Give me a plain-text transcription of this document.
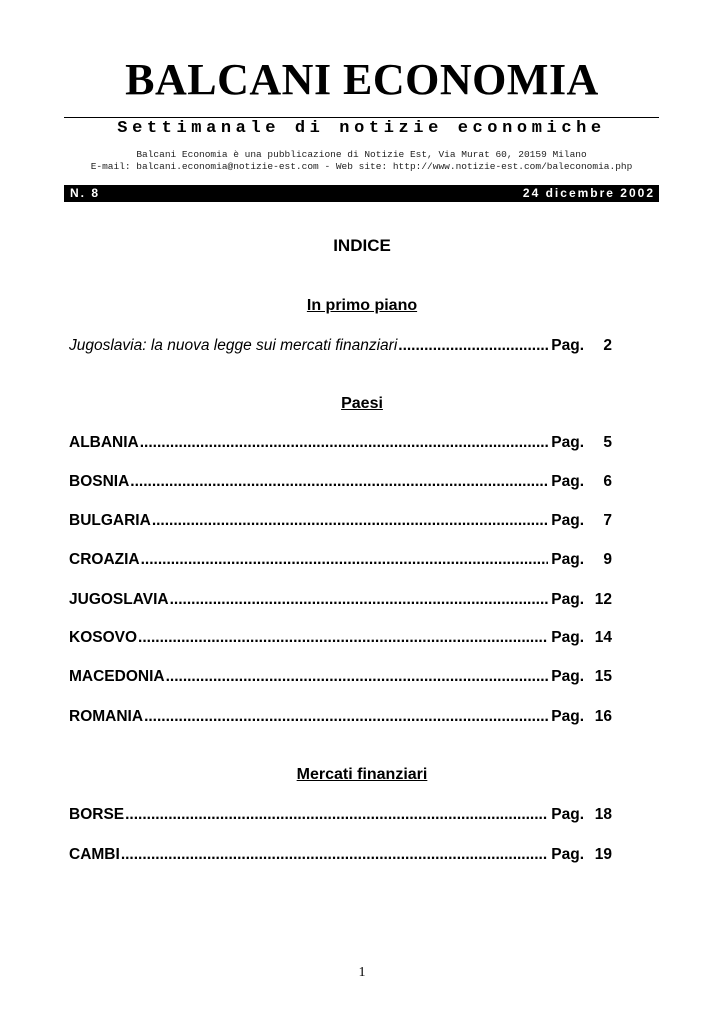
BALCANI ECONOMIA
Settimanale di notizie economiche
Balcani Economia è una pubblicazione di Notizie Est, Via Murat 60, 20159 Milano
E-mail: balcani.economia@notizie-est.com - Web site: http://www.notizie-est.com/baleconomia.php
N. 8	24 dicembre 2002
INDICE
In primo piano
Jugoslavia: la nuova legge sui mercati finanziari .....	Pag.	2
Paesi
ALBANIA .....	Pag.	5
BOSNIA .....	Pag.	6
BULGARIA .....	Pag.	7
CROAZIA .....	Pag.	9
JUGOSLAVIA .....	Pag. 12
KOSOVO .....	Pag. 14
MACEDONIA .....	Pag. 15
ROMANIA .....	Pag. 16
Mercati finanziari
BORSE .....	Pag. 18
CAMBI .....	Pag. 19
1
